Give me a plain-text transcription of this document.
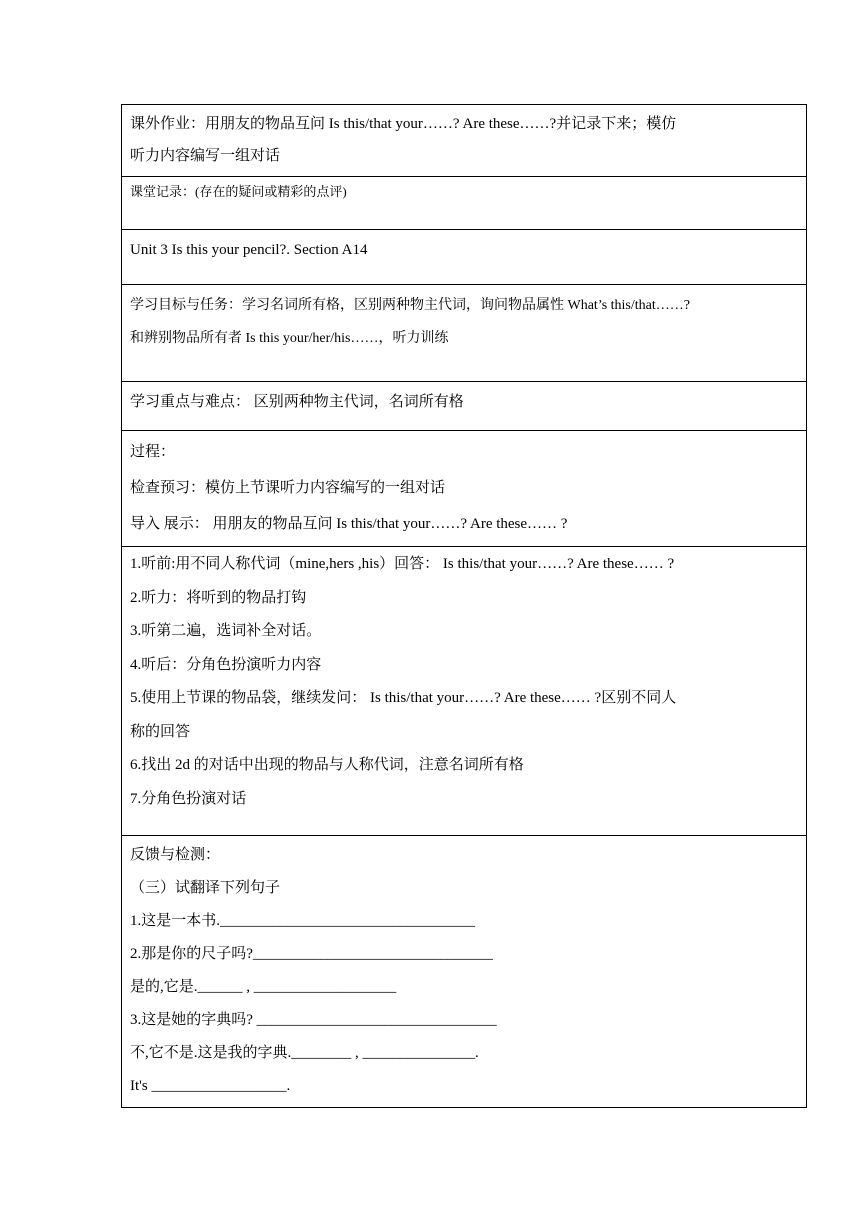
课外作业：用朋友的物品互问 Is this/that your……? Are these……?并记录下来；模仿
听力内容编写一组对话

课堂记录：(存在的疑问或精彩的点评)

Unit 3 Is this your pencil?. Section A14

学习目标与任务：学习名词所有格，区别两种物主代词，询问物品属性 What’s this/that……?
和辨别物品所有者 Is this your/her/his……，听力训练

学习重点与难点： 区别两种物主代词，名词所有格

过程：
检查预习：模仿上节课听力内容编写的一组对话
导入 展示： 用朋友的物品互问 Is this/that your……? Are these…… ?

1.听前:用不同人称代词（mine,hers ,his）回答： Is this/that your……? Are these…… ?
2.听力：将听到的物品打钩
3.听第二遍，选词补全对话。
4.听后：分角色扮演听力内容
5.使用上节课的物品袋，继续发问： Is this/that your……? Are these…… ?区别不同人
称的回答
6.找出 2d 的对话中出现的物品与人称代词，注意名词所有格
7.分角色扮演对话

反馈与检测：
（三）试翻译下列句子
1.这是一本书.__________________________________
2.那是你的尺子吗?________________________________
是的,它是.______ , ___________________
3.这是她的字典吗? ________________________________
不,它不是.这是我的字典.________ , _______________.
It's __________________.
